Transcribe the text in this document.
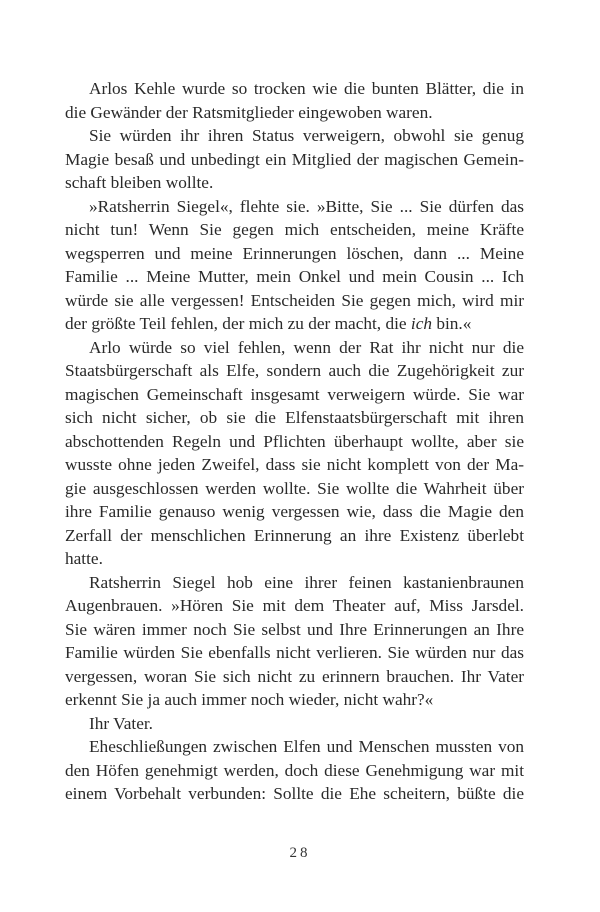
Arlos Kehle wurde so trocken wie die bunten Blätter, die in
die Gewänder der Ratsmitglieder eingewoben waren.
Sie würden ihr ihren Status verweigern, obwohl sie genug
Magie besaß und unbedingt ein Mitglied der magischen Gemein-
schaft bleiben wollte.
»Ratsherrin Siegel«, flehte sie. »Bitte, Sie ... Sie dürfen das
nicht tun! Wenn Sie gegen mich entscheiden, meine Kräfte
wegsperren und meine Erinnerungen löschen, dann ... Meine
Familie ... Meine Mutter, mein Onkel und mein Cousin ... Ich
würde sie alle vergessen! Entscheiden Sie gegen mich, wird mir
der größte Teil fehlen, der mich zu der macht, die ich bin.«
Arlo würde so viel fehlen, wenn der Rat ihr nicht nur die
Staatsbürgerschaft als Elfe, sondern auch die Zugehörigkeit zur
magischen Gemeinschaft insgesamt verweigern würde. Sie war
sich nicht sicher, ob sie die Elfenstaatsbürgerschaft mit ihren
abschottenden Regeln und Pflichten überhaupt wollte, aber sie
wusste ohne jeden Zweifel, dass sie nicht komplett von der Ma-
gie ausgeschlossen werden wollte. Sie wollte die Wahrheit über
ihre Familie genauso wenig vergessen wie, dass die Magie den
Zerfall der menschlichen Erinnerung an ihre Existenz überlebt
hatte.
Ratsherrin Siegel hob eine ihrer feinen kastanienbraunen
Augenbrauen. »Hören Sie mit dem Theater auf, Miss Jarsdel.
Sie wären immer noch Sie selbst und Ihre Erinnerungen an Ihre
Familie würden Sie ebenfalls nicht verlieren. Sie würden nur das
vergessen, woran Sie sich nicht zu erinnern brauchen. Ihr Vater
erkennt Sie ja auch immer noch wieder, nicht wahr?«
Ihr Vater.
Eheschließungen zwischen Elfen und Menschen mussten von
den Höfen genehmigt werden, doch diese Genehmigung war mit
einem Vorbehalt verbunden: Sollte die Ehe scheitern, büßte die
28
